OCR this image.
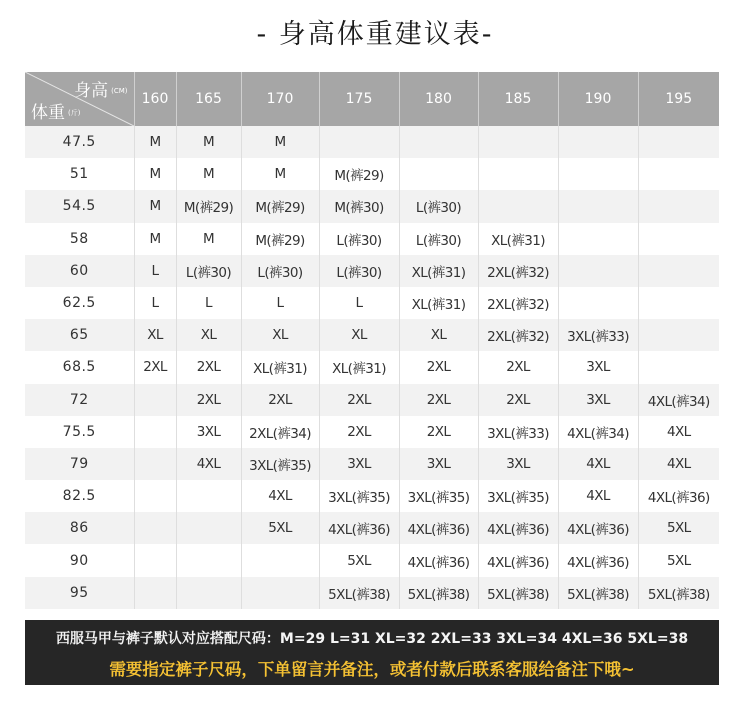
- 身高体重建议表-
身高 (CM)
体重 (斤)	160	165	170	175	180	185	190	195
47.5	M	M	M					
51	M	M	M	M(裤29)				
54.5	M	M(裤29)	M(裤29)	M(裤30)	L(裤30)			
58	M	M	M(裤29)	L(裤30)	L(裤30)	XL(裤31)		
60	L	L(裤30)	L(裤30)	L(裤30)	XL(裤31)	2XL(裤32)		
62.5	L	L	L	L	XL(裤31)	2XL(裤32)		
65	XL	XL	XL	XL	XL	2XL(裤32)	3XL(裤33)	
68.5	2XL	2XL	XL(裤31)	XL(裤31)	2XL	2XL	3XL	
72		2XL	2XL	2XL	2XL	2XL	3XL	4XL(裤34)
75.5		3XL	2XL(裤34)	2XL	2XL	3XL(裤33)	4XL(裤34)	4XL
79		4XL	3XL(裤35)	3XL	3XL	3XL	4XL	4XL
82.5			4XL	3XL(裤35)	3XL(裤35)	3XL(裤35)	4XL	4XL(裤36)
86			5XL	4XL(裤36)	4XL(裤36)	4XL(裤36)	4XL(裤36)	5XL
90				5XL	4XL(裤36)	4XL(裤36)	4XL(裤36)	5XL
95				5XL(裤38)	5XL(裤38)	5XL(裤38)	5XL(裤38)	5XL(裤38)
西服马甲与裤子默认对应搭配尺码：M=29 L=31 XL=32 2XL=33 3XL=34 4XL=36 5XL=38
需要指定裤子尺码，下单留言并备注，或者付款后联系客服给备注下哦~
